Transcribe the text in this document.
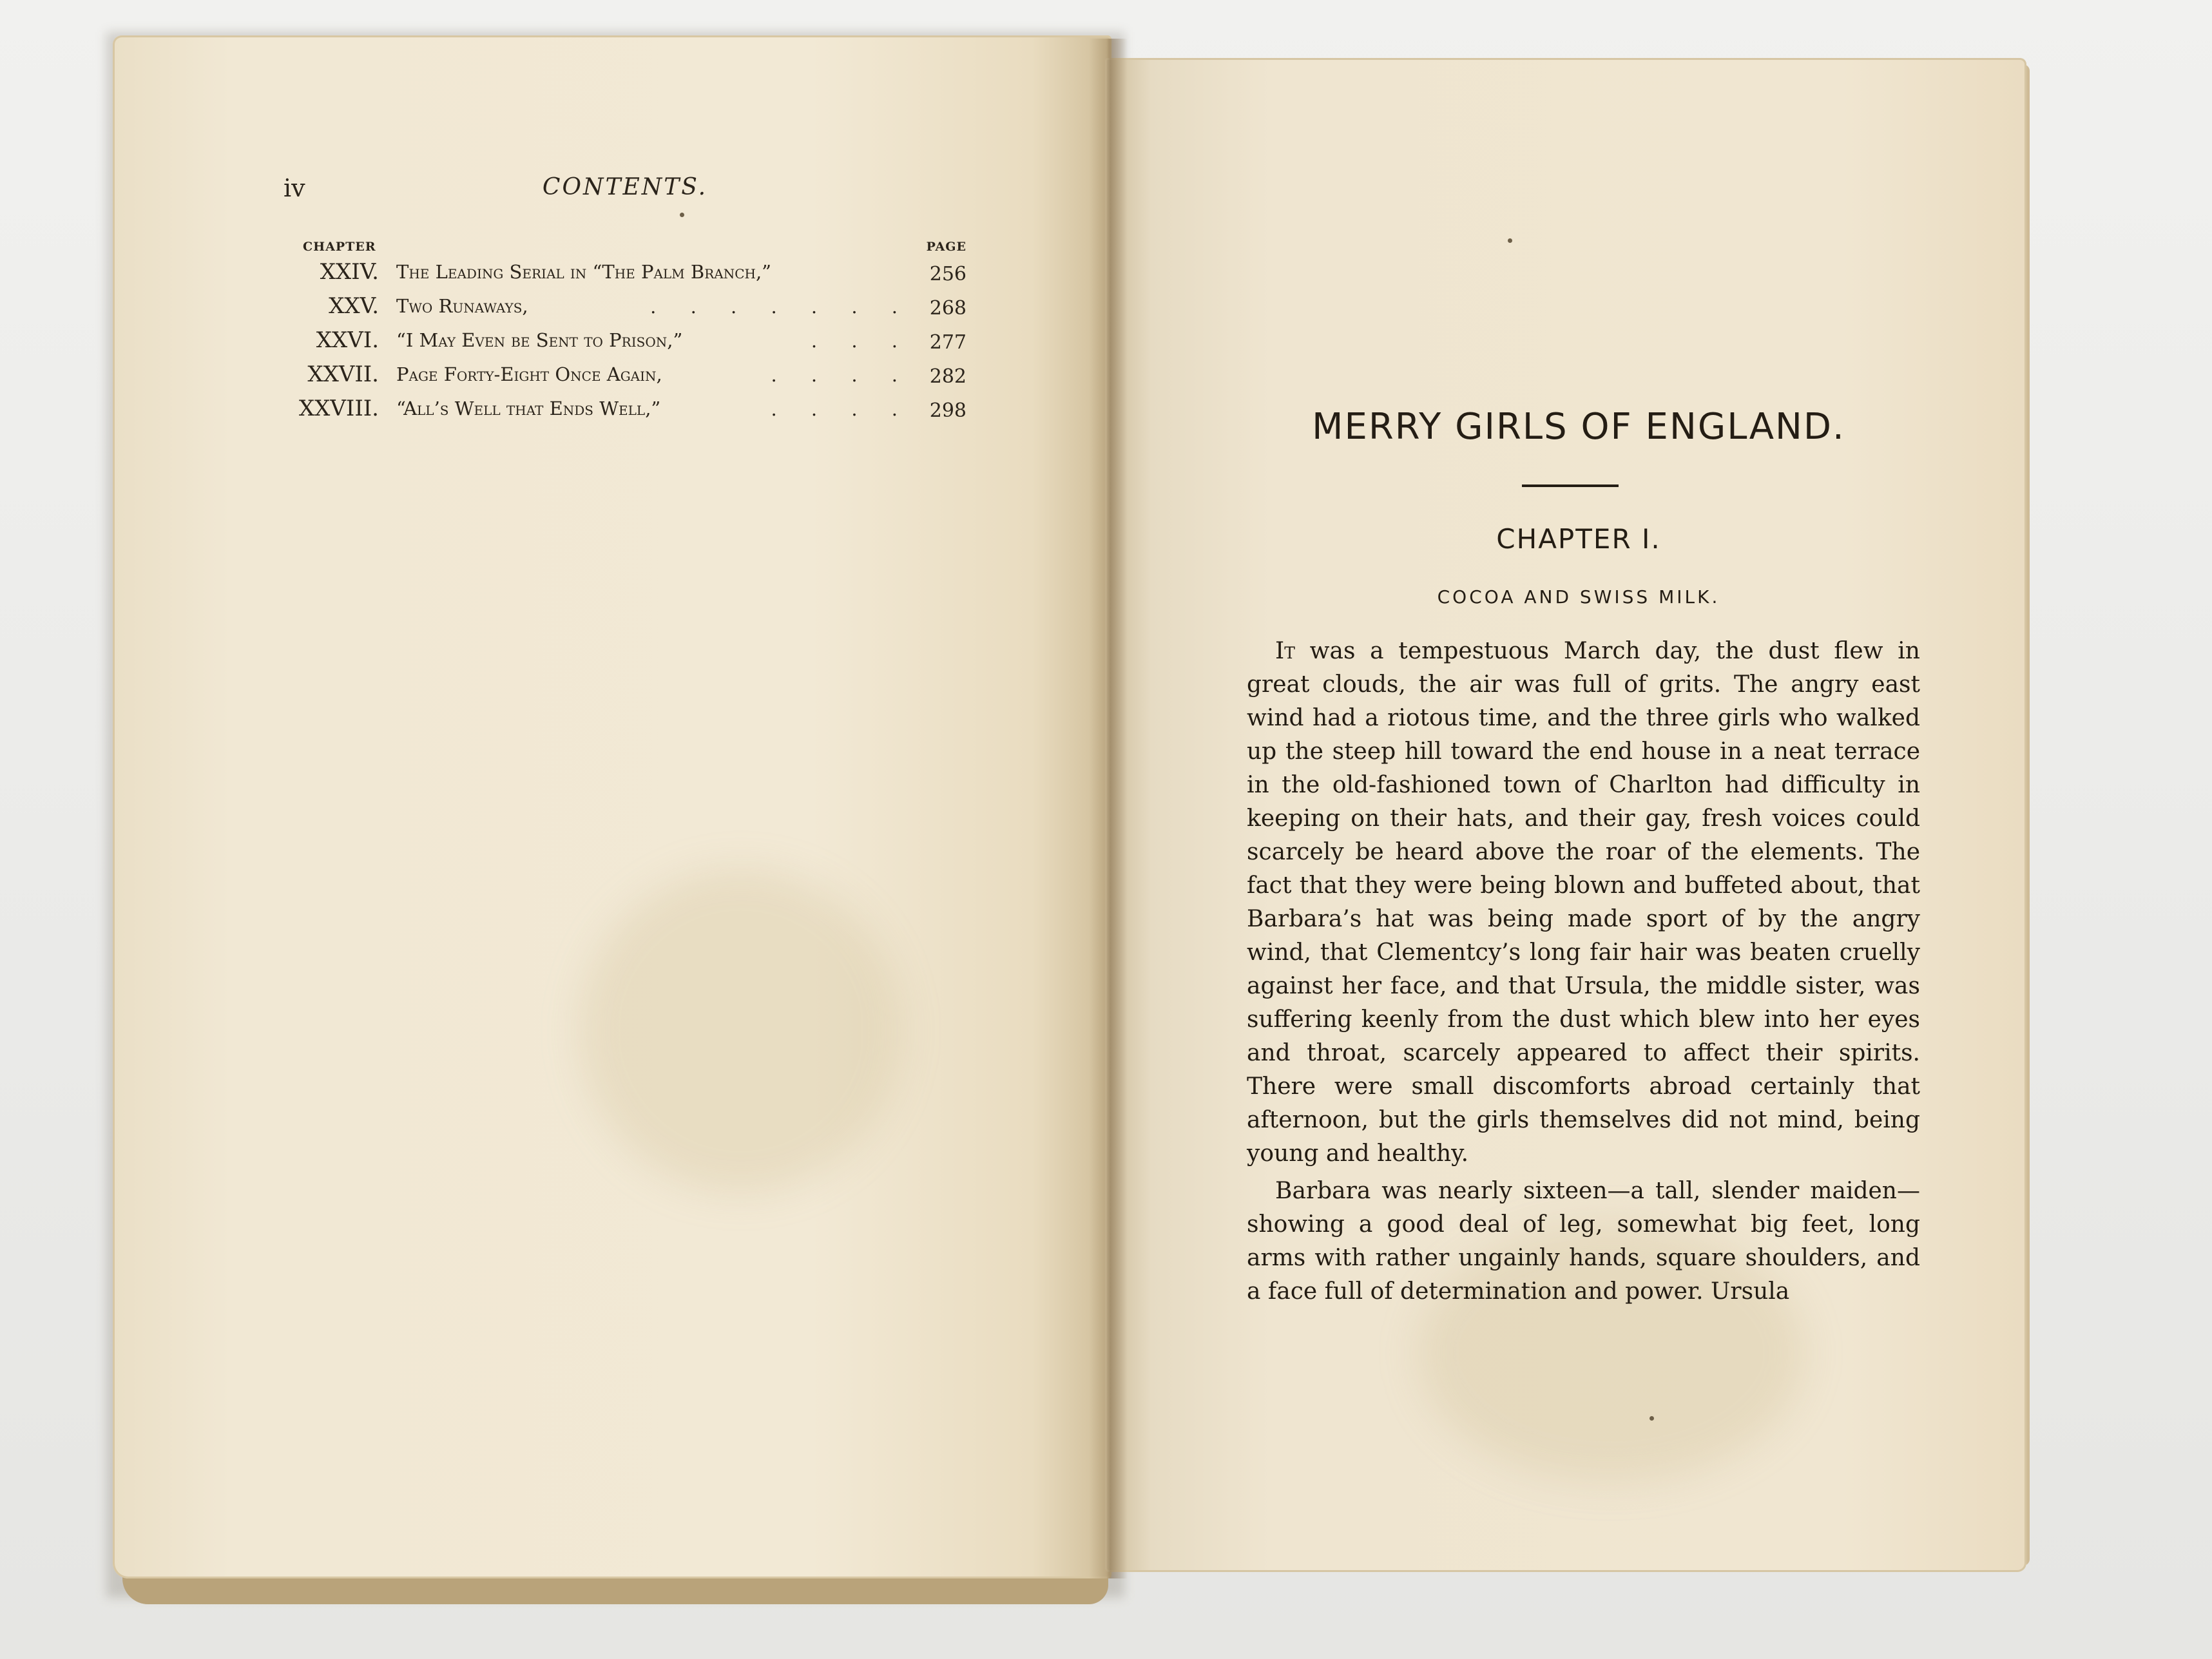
iv	CONTENTS.
CHAPTER	PAGE
XXIV. The Leading Serial in “The Palm Branch,”	256
XXV. Two Runaways,	. . . . . . . 268
XXVI. “I May Even be Sent to Prison,”	. . . 277
XXVII. Page Forty-Eight Once Again,	. . . . 282
XXVIII. “All’s Well that Ends Well,”	. . . . 298	MERRY GIRLS OF ENGLAND.
CHAPTER I.
COCOA AND SWISS MILK.

It was a tempestuous March day, the dust flew in great clouds, the air was full of grits. The angry east wind had a riotous time, and the three girls who walked up the steep hill toward the end house in a neat terrace in the old-fashioned town of Charlton had difficulty in keeping on their hats, and their gay, fresh voices could scarcely be heard above the roar of the elements. The fact that they were being blown and buffeted about, that Barbara’s hat was being made sport of by the angry wind, that Clementcy’s long fair hair was beaten cruelly against her face, and that Ursula, the middle sister, was suffering keenly from the dust which blew into her eyes and throat, scarcely appeared to affect their spirits. There were small discomforts abroad certainly that afternoon, but the girls themselves did not mind, being young and healthy.

Barbara was nearly sixteen—a tall, slender maiden—showing a good deal of leg, somewhat big feet, long arms with rather ungainly hands, square shoulders, and a face full of determination and power. Ursula
